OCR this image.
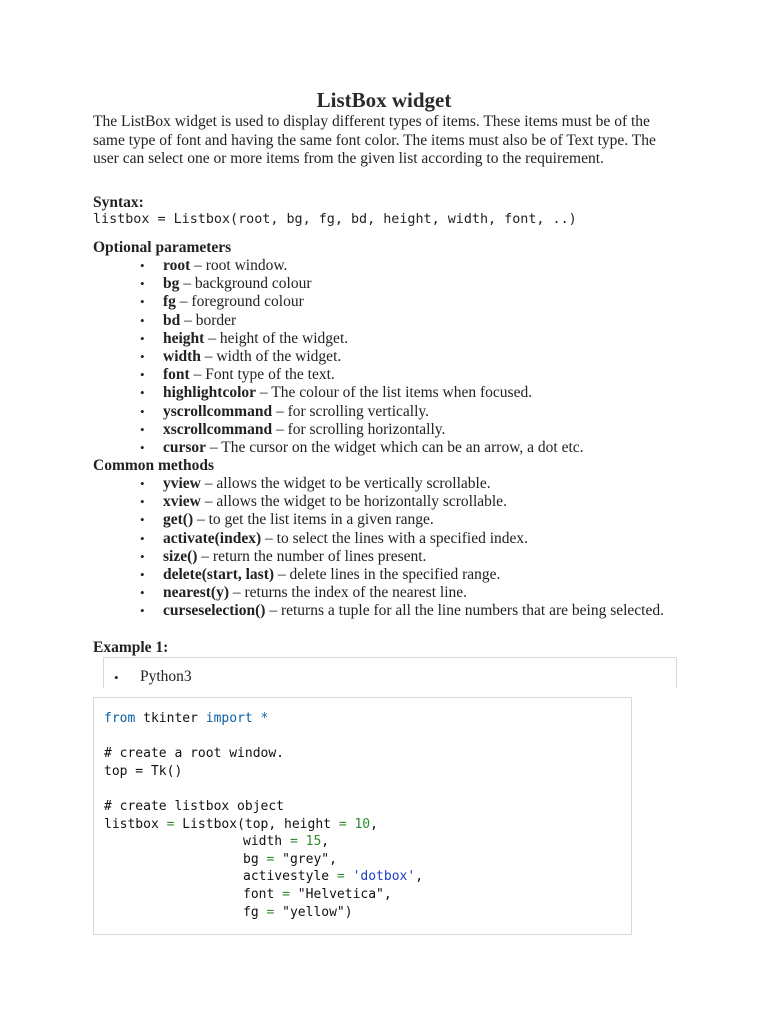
ListBox widget

The ListBox widget is used to display different types of items. These items must be of the same type of font and having the same font color. The items must also be of Text type. The user can select one or more items from the given list according to the requirement.

Syntax:

listbox = Listbox(root, bg, fg, bd, height, width, font, ..)

Optional parameters

• root – root window.
• bg – background colour
• fg – foreground colour
• bd – border
• height – height of the widget.
• width – width of the widget.
• font – Font type of the text.
• highlightcolor – The colour of the list items when focused.
• yscrollcommand – for scrolling vertically.
• xscrollcommand – for scrolling horizontally.
• cursor – The cursor on the widget which can be an arrow, a dot etc.

Common methods

• yview – allows the widget to be vertically scrollable.
• xview – allows the widget to be horizontally scrollable.
• get() – to get the list items in a given range.
• activate(index) – to select the lines with a specified index.
• size() – return the number of lines present.
• delete(start, last) – delete lines in the specified range.
• nearest(y) – returns the index of the nearest line.
• curseselection() – returns a tuple for all the line numbers that are being selected.

Example 1:

• Python3
from tkinter import *
# create a root window.
top = Tk()
# create listbox object
listbox = Listbox(top, height = 10,
width = 15,
bg = "grey",
activestyle = 'dotbox',
font = "Helvetica",
fg = "yellow")
